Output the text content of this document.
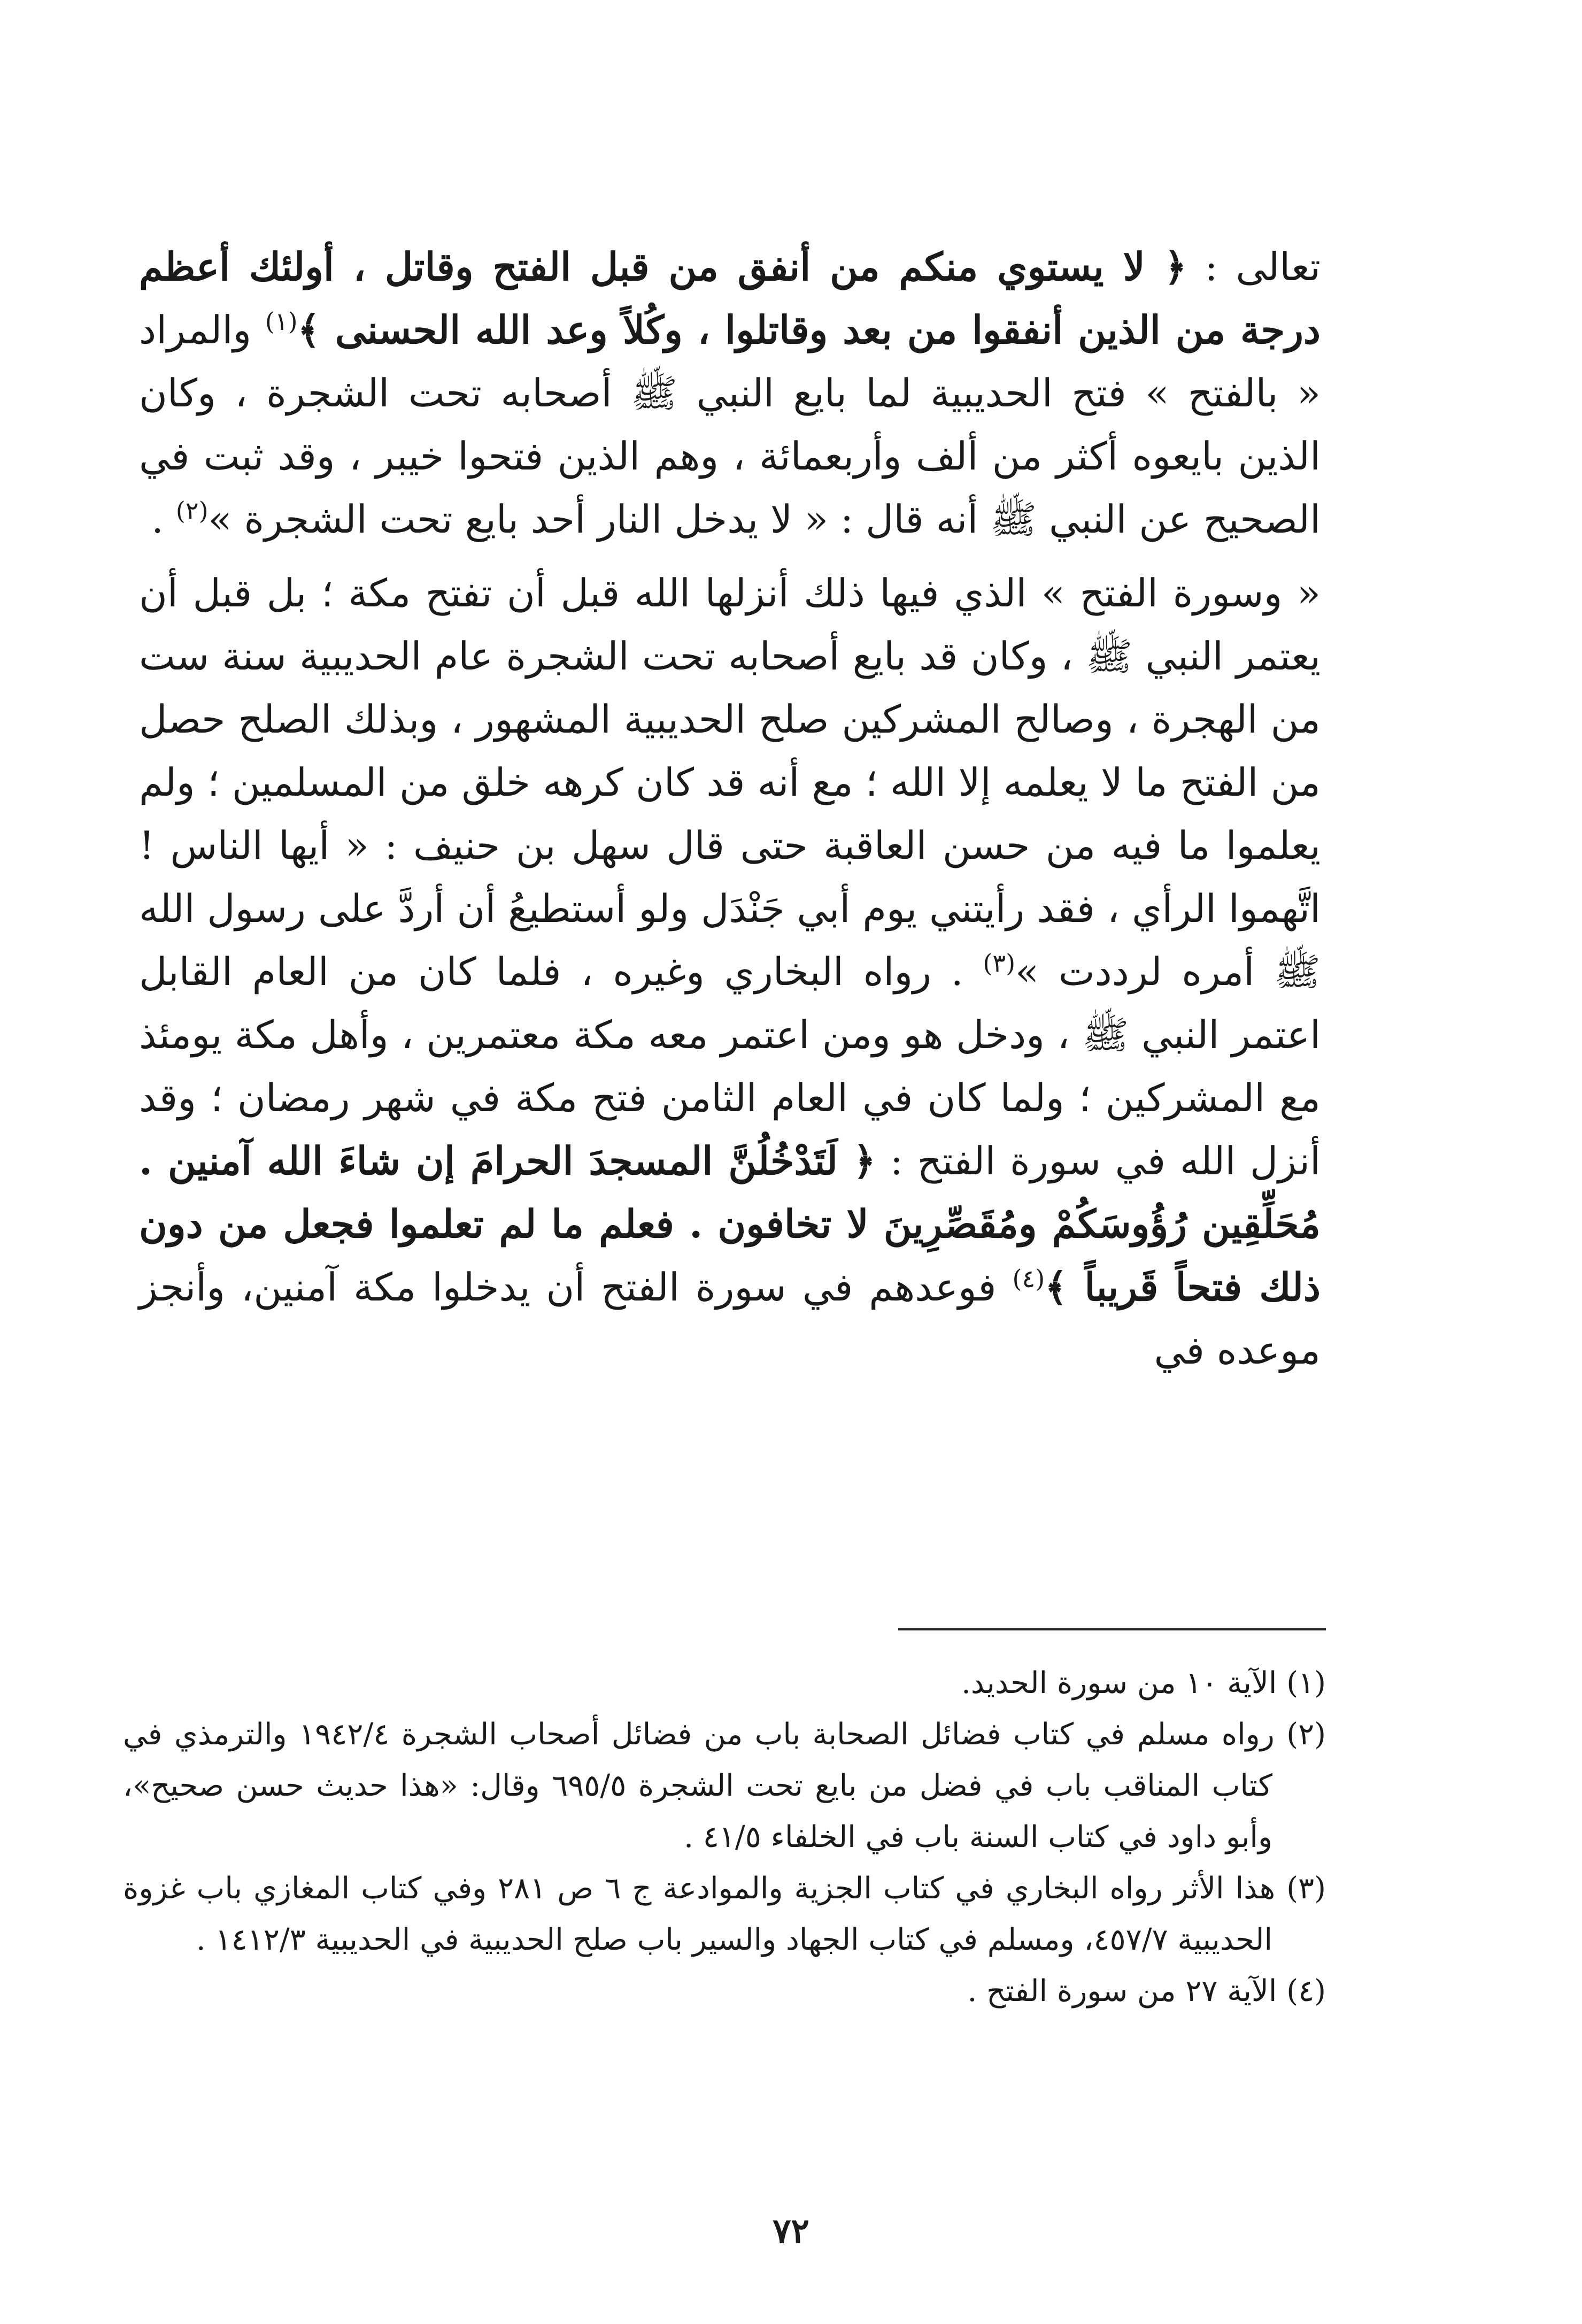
تعالى : ﴿ لا يستوي منكم من أنفق من قبل الفتح وقاتل ، أولئك أعظم درجة من الذين أنفقوا من بعد وقاتلوا ، وكُلاً وعد الله الحسنى ﴾$^{(١)}$ والمراد « بالفتح » فتح الحديبية لما بايع النبي ﷺ أصحابه تحت الشجرة ، وكان الذين بايعوه أكثر من ألف وأربعمائة ، وهم الذين فتحوا خيبر ، وقد ثبت في الصحيح عن النبي ﷺ أنه قال : « لا يدخل النار أحد بايع تحت الشجرة »$^{(٢)}$ .

« وسورة الفتح » الذي فيها ذلك أنزلها الله قبل أن تفتح مكة ؛ بل قبل أن يعتمر النبي ﷺ ، وكان قد بايع أصحابه تحت الشجرة عام الحديبية سنة ست من الهجرة ، وصالح المشركين صلح الحديبية المشهور ، وبذلك الصلح حصل من الفتح ما لا يعلمه إلا الله ؛ مع أنه قد كان كرهه خلق من المسلمين ؛ ولم يعلموا ما فيه من حسن العاقبة حتى قال سهل بن حنيف : « أيها الناس ! اتَّهموا الرأي ، فقد رأيتني يوم أبي جَنْدَل ولو أستطيعُ أن أردَّ على رسول الله ﷺ أمره لرددت »$^{(٣)}$ . رواه البخاري وغيره ، فلما كان من العام القابل اعتمر النبي ﷺ ، ودخل هو ومن اعتمر معه مكة معتمرين ، وأهل مكة يومئذ مع المشركين ؛ ولما كان في العام الثامن فتح مكة في شهر رمضان ؛ وقد أنزل الله في سورة الفتح : ﴿ لَتَدْخُلُنَّ المسجدَ الحرامَ إن شاءَ الله آمنين . مُحَلِّقِين رُؤُوسَكُمْ ومُقَصِّرِينَ لا تخافون . فعلم ما لم تعلموا فجعل من دون ذلك فتحاً قَريباً ﴾$^{(٤)}$ فوعدهم في سورة الفتح أن يدخلوا مكة آمنين، وأنجز موعده في

(١) الآية ١٠ من سورة الحديد.

(٢) رواه مسلم في كتاب فضائل الصحابة باب من فضائل أصحاب الشجرة ١٩٤٢/٤ والترمذي في كتاب المناقب باب في فضل من بايع تحت الشجرة ٦٩٥/٥ وقال: «هذا حديث حسن صحيح»، وأبو داود في كتاب السنة باب في الخلفاء ٤١/٥ .

(٣) هذا الأثر رواه البخاري في كتاب الجزية والموادعة ج ٦ ص ٢٨١ وفي كتاب المغازي باب غزوة الحديبية ٤٥٧/٧، ومسلم في كتاب الجهاد والسير باب صلح الحديبية في الحديبية ١٤١٢/٣ .

(٤) الآية ٢٧ من سورة الفتح .

٧٢
